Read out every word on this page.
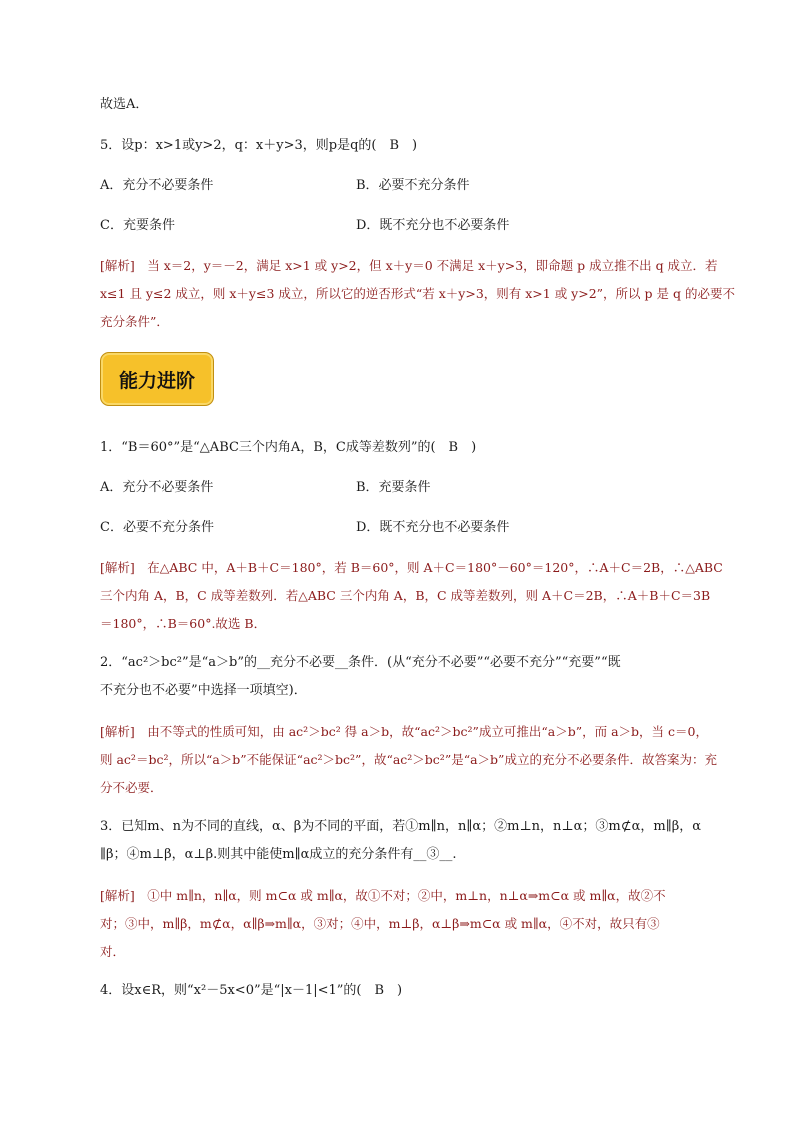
故选A．
5．设p：x>1或y>2，q：x＋y>3，则p是q的(　B　)
A．充分不必要条件	B．必要不充分条件
C．充要条件	D．既不充分也不必要条件
[解析]　当 x＝2，y＝－2，满足 x>1 或 y>2，但 x＋y＝0 不满足 x＋y>3，即命题 p 成立推不出 q 成立．若
x≤1 且 y≤2 成立，则 x＋y≤3 成立，所以它的逆否形式“若 x＋y>3，则有 x>1 或 y>2”，所以 p 是 q 的必要不
充分条件”．
能力进阶
1．“B＝60°”是“△ABC三个内角A，B，C成等差数列”的(　B　)
A．充分不必要条件	B．充要条件
C．必要不充分条件	D．既不充分也不必要条件
[解析]　在△ABC 中，A＋B＋C＝180°，若 B＝60°，则 A＋C＝180°－60°＝120°，∴A＋C＝2B，∴△ABC
三个内角 A，B，C 成等差数列．若△ABC 三个内角 A，B，C 成等差数列，则 A＋C＝2B，∴A＋B＋C＝3B
＝180°，∴B＝60°.故选 B．
2．“ac²＞bc²”是“a＞b”的__充分不必要__条件．(从“充分不必要”“必要不充分”“充要”“既
不充分也不必要”中选择一项填空)．
[解析]　由不等式的性质可知，由 ac²＞bc² 得 a＞b，故“ac²＞bc²”成立可推出“a＞b”，而 a＞b，当 c＝0，
则 ac²＝bc²，所以“a＞b”不能保证“ac²＞bc²”，故“ac²＞bc²”是“a＞b”成立的充分不必要条件．故答案为：充
分不必要．
3．已知m、n为不同的直线，α、β为不同的平面，若①m∥n，n∥α；②m⊥n，n⊥α；③m⊄α，m∥β，α
∥β；④m⊥β，α⊥β.则其中能使m∥α成立的充分条件有__③__.
[解析]　①中 m∥n，n∥α，则 m⊂α 或 m∥α，故①不对；②中，m⊥n，n⊥α⇒m⊂α 或 m∥α，故②不
对；③中，m∥β，m⊄α，α∥β⇒m∥α，③对；④中，m⊥β，α⊥β⇒m⊂α 或 m∥α，④不对，故只有③
对．
4．设x∈R，则“x²－5x<0”是“|x－1|<1”的(　B　)
